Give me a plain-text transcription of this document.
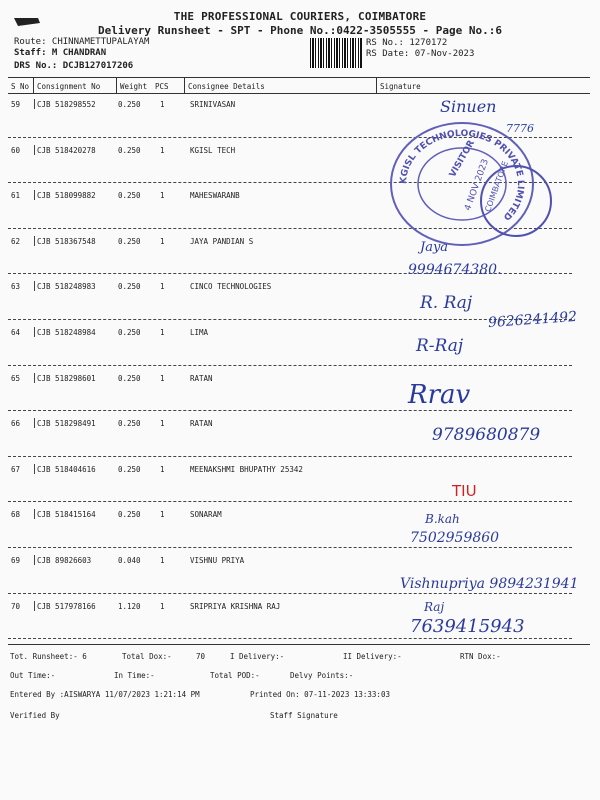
THE PROFESSIONAL COURIERS, COIMBATORE
Delivery Runsheet - SPT - Phone No.:0422-3505555 - Page No.:6
Route: CHINNAMETTUPALAYAM
Staff: M CHANDRAN
DRS No.: DCJB127017206
RS No.: 1270172
RS Date: 07-Nov-2023
S No Consignment No	Weight PCS	Consignee Details	Signature
59 CJB 518298552	0.250	1	SRINIVASAN
60 CJB 518420278	0.250	1	KGISL TECH
61 CJB 518099882	0.250	1	MAHESWARANB
62 CJB 518367548	0.250	1	JAYA PANDIAN S
63 CJB 518248983	0.250	1	CINCO TECHNOLOGIES
64 CJB 518248984	0.250	1	LIMA
65 CJB 518298601	0.250	1	RATAN
66 CJB 518298491	0.250	1	RATAN
67 CJB 518404616	0.250	1	MEENAKSHMI BHUPATHY 25342
68 CJB 518415164	0.250	1	SONARAM
69 CJB 89826603	0.040	1	VISHNU PRIYA
70 CJB 517978166	1.120	1	SRIPRIYA KRISHNA RAJ
Tot. Runsheet:- 6	Total Dox:-	70	I Delivery:-	II Delivery:-	RTN Dox:-
Out Time:-	In Time:-	Total POD:-	Delvy Points:-
Entered By :AISWARYA 11/07/2023 1:21:14 PM	Printed On: 07-11-2023 13:33:03
Verified By	Staff Signature
Sinuen
7776
KGISL TECHNOLOGIES PRIVATE LIMITED
VISITOR
4 NOV 2023
COIMBATORE
Jaya
9994674380.
R. Raj
9626241492
R-Raj
Rrav
9789680879
TIU
B.kah
7502959860
Vishnupriya 9894231941
Raj
7639415943
